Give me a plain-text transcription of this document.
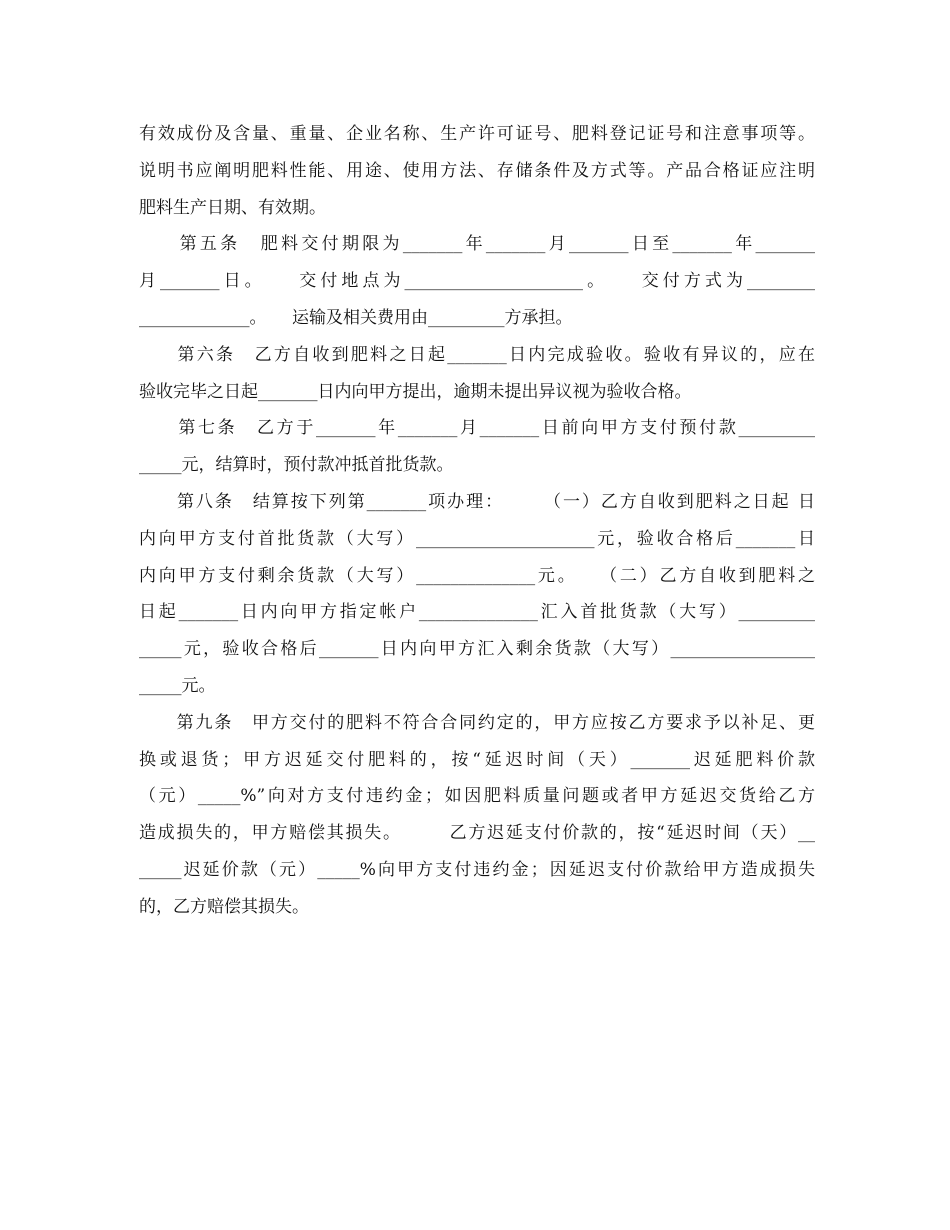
有效成份及含量、重量、企业名称、生产许可证号、肥料登记证号和注意事项等。
说明书应阐明肥料性能、用途、使用方法、存储条件及方式等。产品合格证应注明
肥料生产日期、有效期。
　　第五条　肥料交付期限为_______年_______月_______日至_______年_______
月_______日。　　交付地点为_____________________。　　交付方式为________
_____________。　　运输及相关费用由_________方承担。
　　第六条　乙方自收到肥料之日起_______日内完成验收。验收有异议的，应在
验收完毕之日起_______日内向甲方提出，逾期未提出异议视为验收合格。
　　第七条　乙方于_______年_______月_______日前向甲方支付预付款_________
_____元，结算时，预付款冲抵首批货款。
　　第八条　结算按下列第_______项办理：　　　（一）乙方自收到肥料之日起 日
内向甲方支付首批货款（大写）_____________________元，验收合格后_______日
内向甲方支付剩余货款（大写）______________元。　　（二）乙方自收到肥料之
日起_______日内向甲方指定帐户______________汇入首批货款（大写）_________
_____元，验收合格后_______日内向甲方汇入剩余货款（大写）_________________
_____元。
　　第九条　甲方交付的肥料不符合合同约定的，甲方应按乙方要求予以补足、更
换或退货；甲方迟延交付肥料的，按“延迟时间（天）_______迟延肥料价款
（元）_____%”向对方支付违约金；如因肥料质量问题或者甲方延迟交货给乙方
造成损失的，甲方赔偿其损失。　　　乙方迟延支付价款的，按“延迟时间（天）__
_____迟延价款（元）_____%向甲方支付违约金；因延迟支付价款给甲方造成损失
的，乙方赔偿其损失。
